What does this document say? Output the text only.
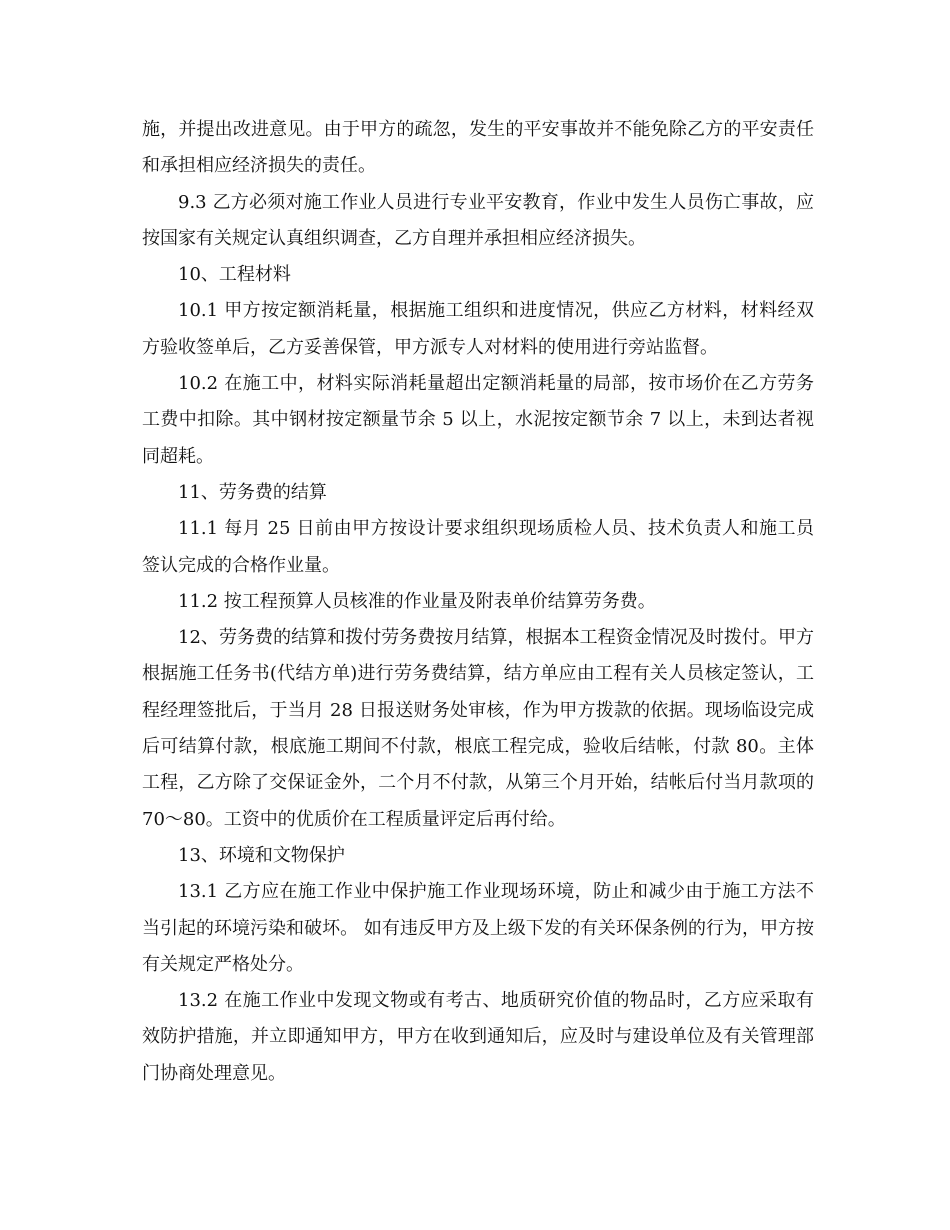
施，并提出改进意见。由于甲方的疏忽，发生的平安事故并不能免除乙方的平安责任和承担相应经济损失的责任。

9.3 乙方必须对施工作业人员进行专业平安教育，作业中发生人员伤亡事故，应按国家有关规定认真组织调查，乙方自理并承担相应经济损失。

10、工程材料

10.1 甲方按定额消耗量，根据施工组织和进度情况，供应乙方材料，材料经双方验收签单后，乙方妥善保管，甲方派专人对材料的使用进行旁站监督。

10.2 在施工中，材料实际消耗量超出定额消耗量的局部，按市场价在乙方劳务工费中扣除。其中钢材按定额量节余 5 以上，水泥按定额节余 7 以上，未到达者视同超耗。

11、劳务费的结算

11.1 每月 25 日前由甲方按设计要求组织现场质检人员、技术负责人和施工员签认完成的合格作业量。

11.2 按工程预算人员核准的作业量及附表单价结算劳务费。

12、劳务费的结算和拨付劳务费按月结算，根据本工程资金情况及时拨付。甲方根据施工任务书(代结方单)进行劳务费结算，结方单应由工程有关人员核定签认，工程经理签批后，于当月 28 日报送财务处审核，作为甲方拨款的依据。现场临设完成后可结算付款，根底施工期间不付款，根底工程完成，验收后结帐，付款 80。主体工程，乙方除了交保证金外，二个月不付款，从第三个月开始，结帐后付当月款项的 70～80。工资中的优质价在工程质量评定后再付给。

13、环境和文物保护

13.1 乙方应在施工作业中保护施工作业现场环境，防止和减少由于施工方法不当引起的环境污染和破坏。 如有违反甲方及上级下发的有关环保条例的行为，甲方按有关规定严格处分。

13.2 在施工作业中发现文物或有考古、地质研究价值的物品时，乙方应采取有效防护措施，并立即通知甲方，甲方在收到通知后，应及时与建设单位及有关管理部门协商处理意见。
